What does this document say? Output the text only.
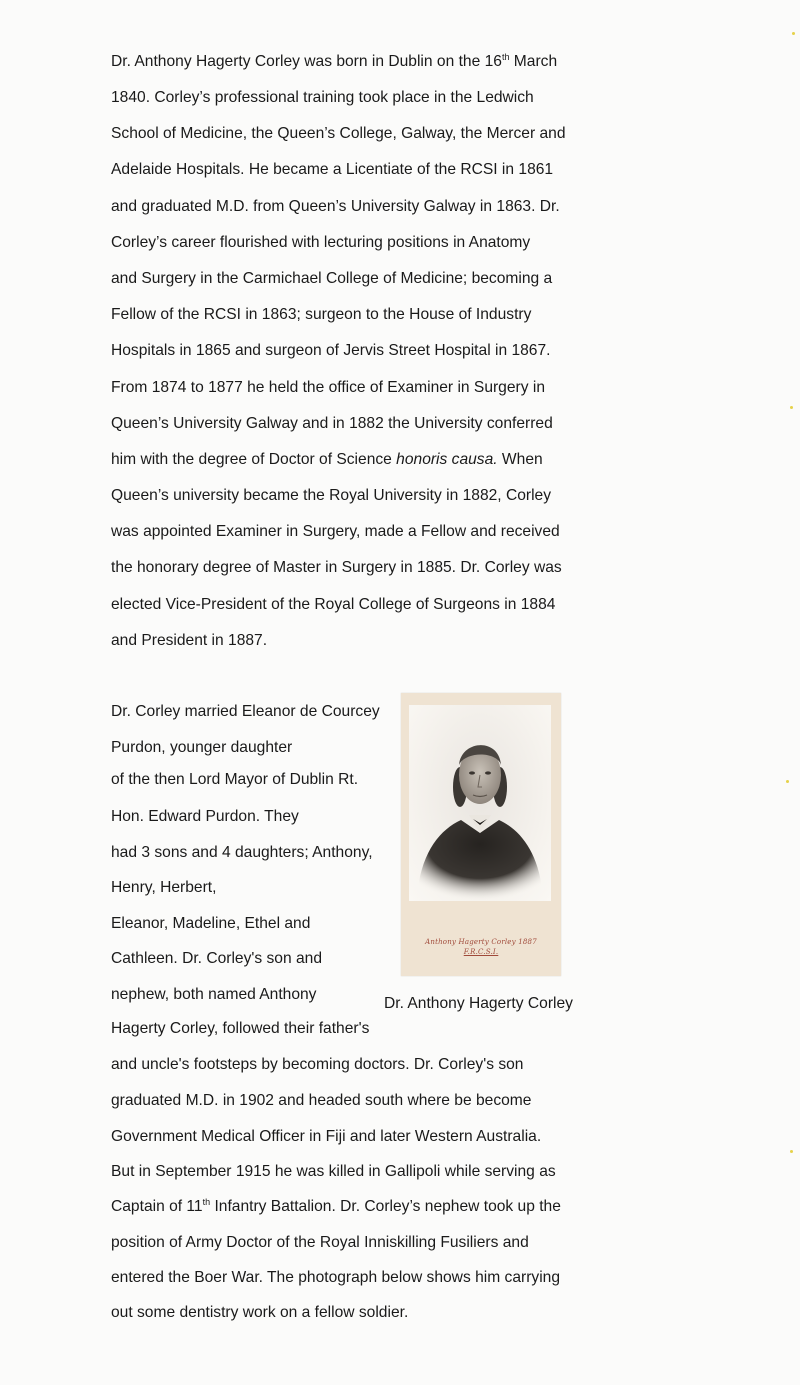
Dr. Anthony Hagerty Corley was born in Dublin on the 16th March
1840. Corley’s professional training took place in the Ledwich
School of Medicine, the Queen’s College, Galway, the Mercer and
Adelaide Hospitals. He became a Licentiate of the RCSI in 1861
and graduated M.D. from Queen’s University Galway in 1863. Dr.
Corley’s career flourished with lecturing positions in Anatomy
and Surgery in the Carmichael College of Medicine; becoming a
Fellow of the RCSI in 1863; surgeon to the House of Industry
Hospitals in 1865 and surgeon of Jervis Street Hospital in 1867.
From 1874 to 1877 he held the office of Examiner in Surgery in
Queen’s University Galway and in 1882 the University conferred
him with the degree of Doctor of Science honoris causa. When
Queen’s university became the Royal University in 1882, Corley
was appointed Examiner in Surgery, made a Fellow and received
the honorary degree of Master in Surgery in 1885. Dr. Corley was
elected Vice-President of the Royal College of Surgeons in 1884
and President in 1887.
Dr. Corley married Eleanor de Courcey
Purdon, younger daughter
of the then Lord Mayor of Dublin Rt.
Hon. Edward Purdon. They
had 3 sons and 4 daughters; Anthony,
Henry, Herbert,
Eleanor, Madeline, Ethel and
Cathleen. Dr. Corley's son and
nephew, both named Anthony
Hagerty Corley, followed their father's
and uncle's footsteps by becoming doctors. Dr. Corley's son
graduated M.D. in 1902 and headed south where be become
Government Medical Officer in Fiji and later Western Australia.
But in September 1915 he was killed in Gallipoli while serving as
Captain of 11th Infantry Battalion. Dr. Corley’s nephew took up the
position of Army Doctor of the Royal Inniskilling Fusiliers and
entered the Boer War. The photograph below shows him carrying
out some dentistry work on a fellow soldier.
Anthony Hagerty Corley 1887
F.R.C.S.I.
Dr. Anthony Hagerty Corley
